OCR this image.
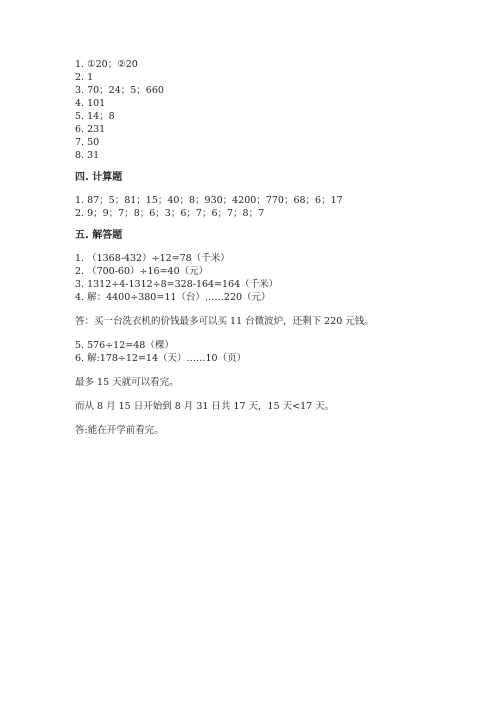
1. ①20；②20
2. 1
3. 70；24；5；660
4. 101
5. 14；8
6. 231
7. 50
8. 31
四. 计算题
1. 87；5；81；15；40；8；930；4200；770；68；6；17
2. 9；9；7；8；6；3；6；7；6；7；8；7
五. 解答题
1. （1368-432）÷12=78（千米）
2. （700-60）÷16=40（元）
3. 1312÷4-1312÷8=328-164=164（千米）
4. 解：4400÷380=11（台）……220（元）
答：买一台洗衣机的价钱最多可以买 11 台微波炉，还剩下 220 元钱。
5. 576÷12=48（棵）
6. 解:178÷12=14（天）……10（页）
最多 15 天就可以看完。
而从 8 月 15 日开始到 8 月 31 日共 17 天，15 天<17 天。
答:能在开学前看完。
